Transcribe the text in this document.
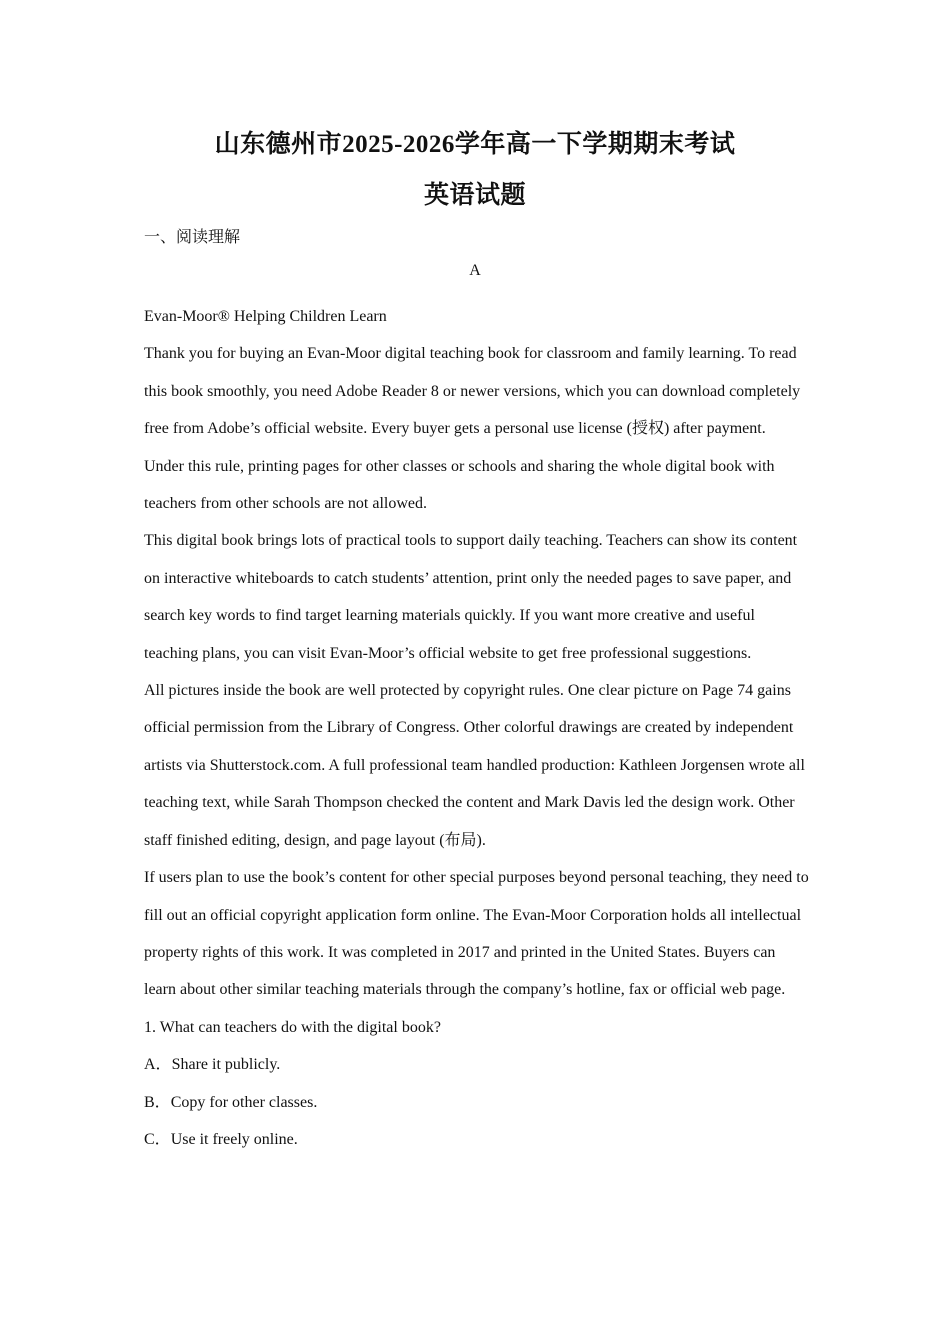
山东德州市2025-2026学年高一下学期期末考试
英语试题
一、阅读理解
A

Evan-Moor® Helping Children Learn

Thank you for buying an Evan-Moor digital teaching book for classroom and family learning. To read this book smoothly, you need Adobe Reader 8 or newer versions, which you can download completely free from Adobe’s official website. Every buyer gets a personal use license (授权) after payment. Under this rule, printing pages for other classes or schools and sharing the whole digital book with teachers from other schools are not allowed.

This digital book brings lots of practical tools to support daily teaching. Teachers can show its content on interactive whiteboards to catch students’ attention, print only the needed pages to save paper, and search key words to find target learning materials quickly. If you want more creative and useful teaching plans, you can visit Evan-Moor’s official website to get free professional suggestions.

All pictures inside the book are well protected by copyright rules. One clear picture on Page 74 gains official permission from the Library of Congress. Other colorful drawings are created by independent artists via Shutterstock.com. A full professional team handled production: Kathleen Jorgensen wrote all teaching text, while Sarah Thompson checked the content and Mark Davis led the design work. Other staff finished editing, design, and page layout (布局).

If users plan to use the book’s content for other special purposes beyond personal teaching, they need to fill out an official copyright application form online. The Evan-Moor Corporation holds all intellectual property rights of this work. It was completed in 2017 and printed in the United States. Buyers can learn about other similar teaching materials through the company’s hotline, fax or official web page.

1. What can teachers do with the digital book?

A．Share it publicly.

B．Copy for other classes.

C．Use it freely online.
